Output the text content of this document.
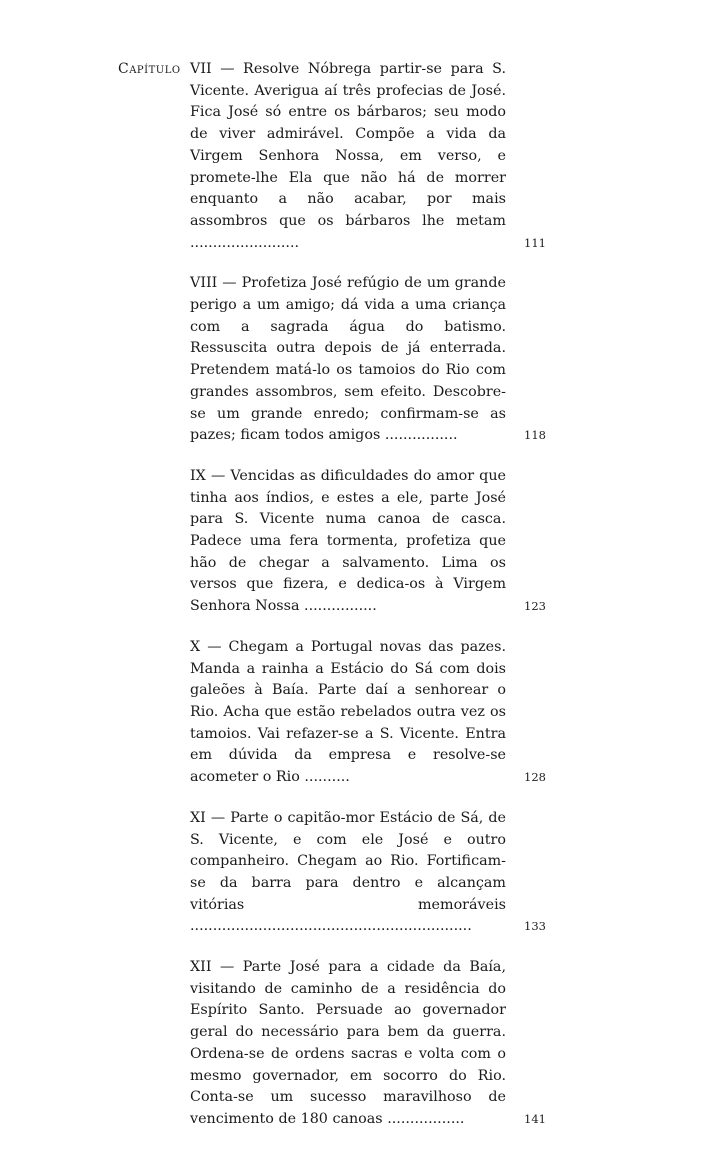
Capítulo VII — Resolve Nóbrega partir-se para S. Vicente. Averigua aí três profecias de José. Fica José só entre os bárbaros; seu modo de viver admirável. Compõe a vida da Virgem Senhora Nossa, em verso, e promete-lhe Ela que não há de morrer enquanto a não acabar, por mais assombros que os bárbaros lhe metam ........................	111

VIII — Profetiza José refúgio de um grande perigo a um amigo; dá vida a uma criança com a sagrada água do batismo. Ressuscita outra depois de já enterrada. Pretendem matá-lo os tamoios do Rio com grandes assombros, sem efeito. Descobre-se um grande enredo; confirmam-se as pazes; ficam todos amigos ................	118

IX — Vencidas as dificuldades do amor que tinha aos índios, e estes a ele, parte José para S. Vicente numa canoa de casca. Padece uma fera tormenta, profetiza que hão de chegar a salvamento. Lima os versos que fizera, e dedica-os à Virgem Senhora Nossa ................	123

X — Chegam a Portugal novas das pazes. Manda a rainha a Estácio do Sá com dois galeões à Baía. Parte daí a senhorear o Rio. Acha que estão rebelados outra vez os tamoios. Vai refazer-se a S. Vicente. Entra em dúvida da empresa e resolve-se acometer o Rio ..........	128

XI — Parte o capitão-mor Estácio de Sá, de S. Vicente, e com ele José e outro companheiro. Chegam ao Rio. Fortificam-se da barra para dentro e alcançam vitórias memoráveis ..............................................................	133

XII — Parte José para a cidade da Baía, visitando de caminho de a residência do Espírito Santo. Persuade ao governador geral do necessário para bem da guerra. Ordena-se de ordens sacras e volta com o mesmo governador, em socorro do Rio. Conta-se um sucesso maravilhoso de vencimento de 180 canoas .................	141
